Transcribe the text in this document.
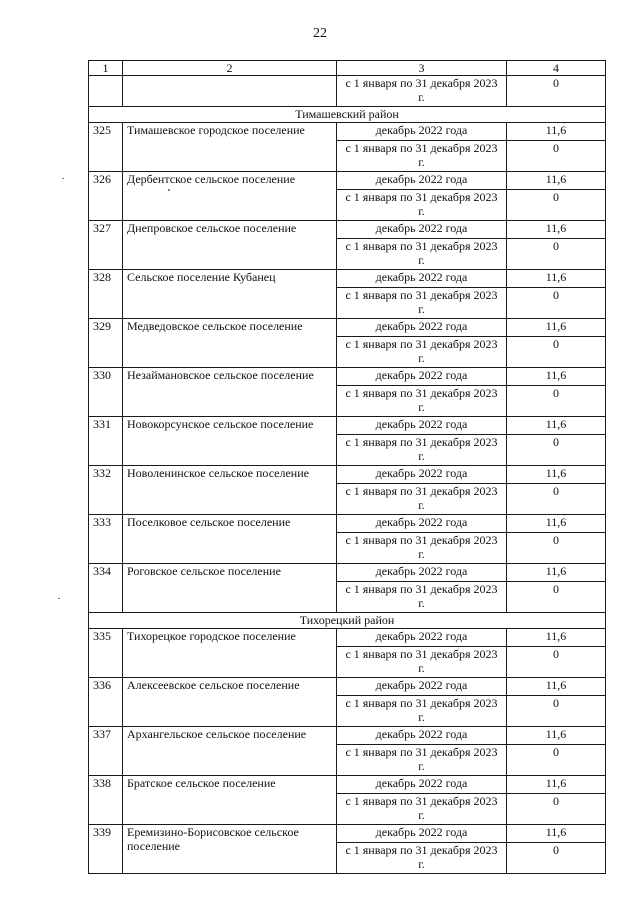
22
1	2	3	4
		с 1 января по 31 декабря 2023 г.	0
Тимашевский район			
325	Тимашевское городское поселение	декабрь 2022 года	11,6
		с 1 января по 31 декабря 2023 г.	0
326	Дербентское сельское поселение	декабрь 2022 года	11,6
		с 1 января по 31 декабря 2023 г.	0
327	Днепровское сельское поселение	декабрь 2022 года	11,6
		с 1 января по 31 декабря 2023 г.	0
328	Сельское поселение Кубанец	декабрь 2022 года	11,6
		с 1 января по 31 декабря 2023 г.	0
329	Медведовское сельское поселение	декабрь 2022 года	11,6
		с 1 января по 31 декабря 2023 г.	0
330	Незаймановское сельское поселение	декабрь 2022 года	11,6
		с 1 января по 31 декабря 2023 г.	0
331	Новокорсунское сельское поселение	декабрь 2022 года	11,6
		с 1 января по 31 декабря 2023 г.	0
332	Новоленинское сельское поселение	декабрь 2022 года	11,6
		с 1 января по 31 декабря 2023 г.	0
333	Поселковое сельское поселение	декабрь 2022 года	11,6
		с 1 января по 31 декабря 2023 г.	0
334	Роговское сельское поселение	декабрь 2022 года	11,6
		с 1 января по 31 декабря 2023 г.	0
Тихорецкий район			
335	Тихорецкое городское поселение	декабрь 2022 года	11,6
		с 1 января по 31 декабря 2023 г.	0
336	Алексеевское сельское поселение	декабрь 2022 года	11,6
		с 1 января по 31 декабря 2023 г.	0
337	Архангельское сельское поселение	декабрь 2022 года	11,6
		с 1 января по 31 декабря 2023 г.	0
338	Братское сельское поселение	декабрь 2022 года	11,6
		с 1 января по 31 декабря 2023 г.	0
339	Еремизино-Борисовское сельское поселение	декабрь 2022 года	11,6
		с 1 января по 31 декабря 2023 г.	0
